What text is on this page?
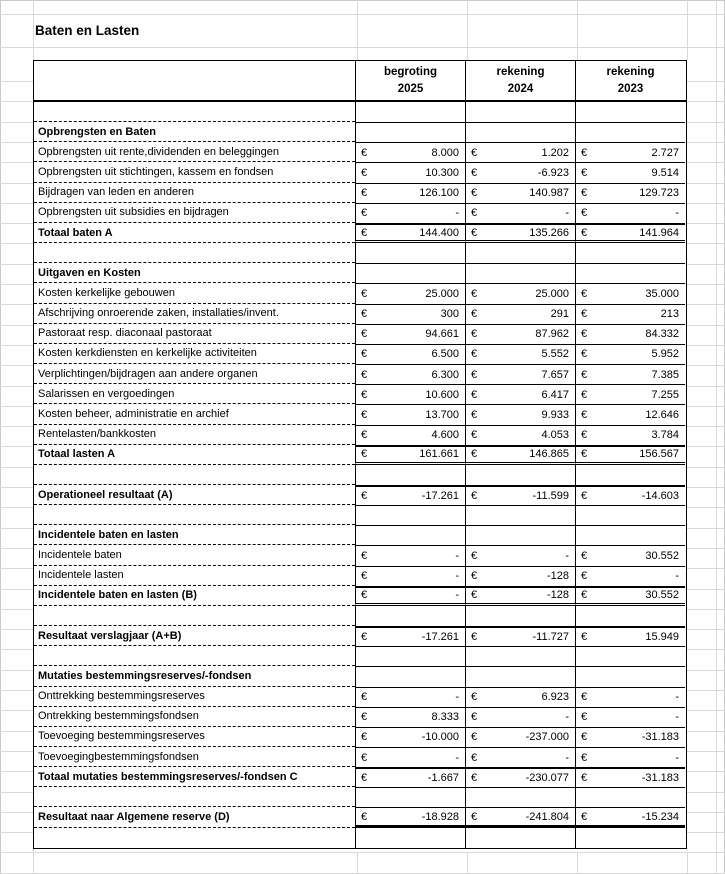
Baten en Lasten
begroting
2025
rekening
2024
rekening
2023
Opbrengsten en Baten
Opbrengsten uit rente,dividenden en beleggingen	€	8.000 €	1.202 €	2.727
Opbrengsten uit stichtingen, kassem en fondsen	€	10.300 €	-6.923 €	9.514
Bijdragen van leden en anderen	€	126.100 €	140.987 €	129.723
Opbrengsten uit subsidies en bijdragen	€	- €	- €	-
Totaal baten A	€	144.400 €	135.266 €	141.964
Uitgaven en Kosten
Kosten kerkelijke gebouwen	€	25.000 €	25.000 €	35.000
Afschrijving onroerende zaken, installaties/invent.	€	300 €	291 €	213
Pastoraat resp. diaconaal pastoraat	€	94.661 €	87.962 €	84.332
Kosten kerkdiensten en kerkelijke activiteiten	€	6.500 €	5.552 €	5.952
Verplichtingen/bijdragen aan andere organen	€	6.300 €	7.657 €	7.385
Salarissen en vergoedingen	€	10.600 €	6.417 €	7.255
Kosten beheer, administratie en archief	€	13.700 €	9.933 €	12.646
Rentelasten/bankkosten	€	4.600 €	4.053 €	3.784
Totaal lasten A	€	161.661 €	146.865 €	156.567
Operationeel resultaat (A)	€	-17.261 €	-11.599 €	-14.603
Incidentele baten en lasten
Incidentele baten	€	- €	- €	30.552
Incidentele lasten	€	- €	-128 €	-
Incidentele baten en lasten (B)	€	- €	-128 €	30.552
Resultaat verslagjaar (A+B)	€	-17.261 €	-11.727 €	15.949
Mutaties bestemmingsreserves/-fondsen
Onttrekking bestemmingsreserves	€	- €	6.923 €	-
Ontrekking bestemmingsfondsen	€	8.333 €	- €	-
Toevoeging bestemmingsreserves	€	-10.000 €	-237.000 €	-31.183
Toevoegingbestemmingsfondsen	€	- €	- €	-
Totaal mutaties bestemmingsreserves/-fondsen C	€	-1.667 €	-230.077 €	-31.183
Resultaat naar Algemene reserve (D)	€	-18.928 €	-241.804 €	-15.234
